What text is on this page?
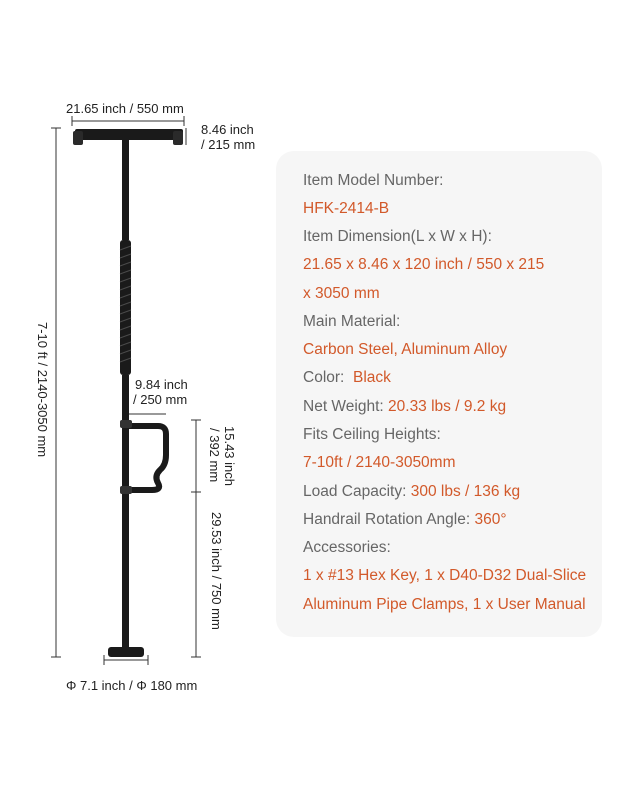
21.65 inch / 550 mm
8.46 inch
/ 215 mm
7-10 ft / 2140-3050 mm	9.84 inch
/ 250 mm
15.43 inch
/ 392 mm
29.53 inch / 750 mm
Φ 7.1 inch / Φ 180 mm
Item Model Number:
HFK-2414-B
Item Dimension(L x W x H):
21.65 x 8.46 x 120 inch / 550 x 215
x 3050 mm
Main Material:
Carbon Steel, Aluminum Alloy
Color: Black
Net Weight: 20.33 lbs / 9.2 kg
Fits Ceiling Heights:
7-10ft / 2140-3050mm
Load Capacity: 300 lbs / 136 kg
Handrail Rotation Angle: 360°
Accessories:
1 x #13 Hex Key, 1 x D40-D32 Dual-Slice
Aluminum Pipe Clamps, 1 x User Manual
